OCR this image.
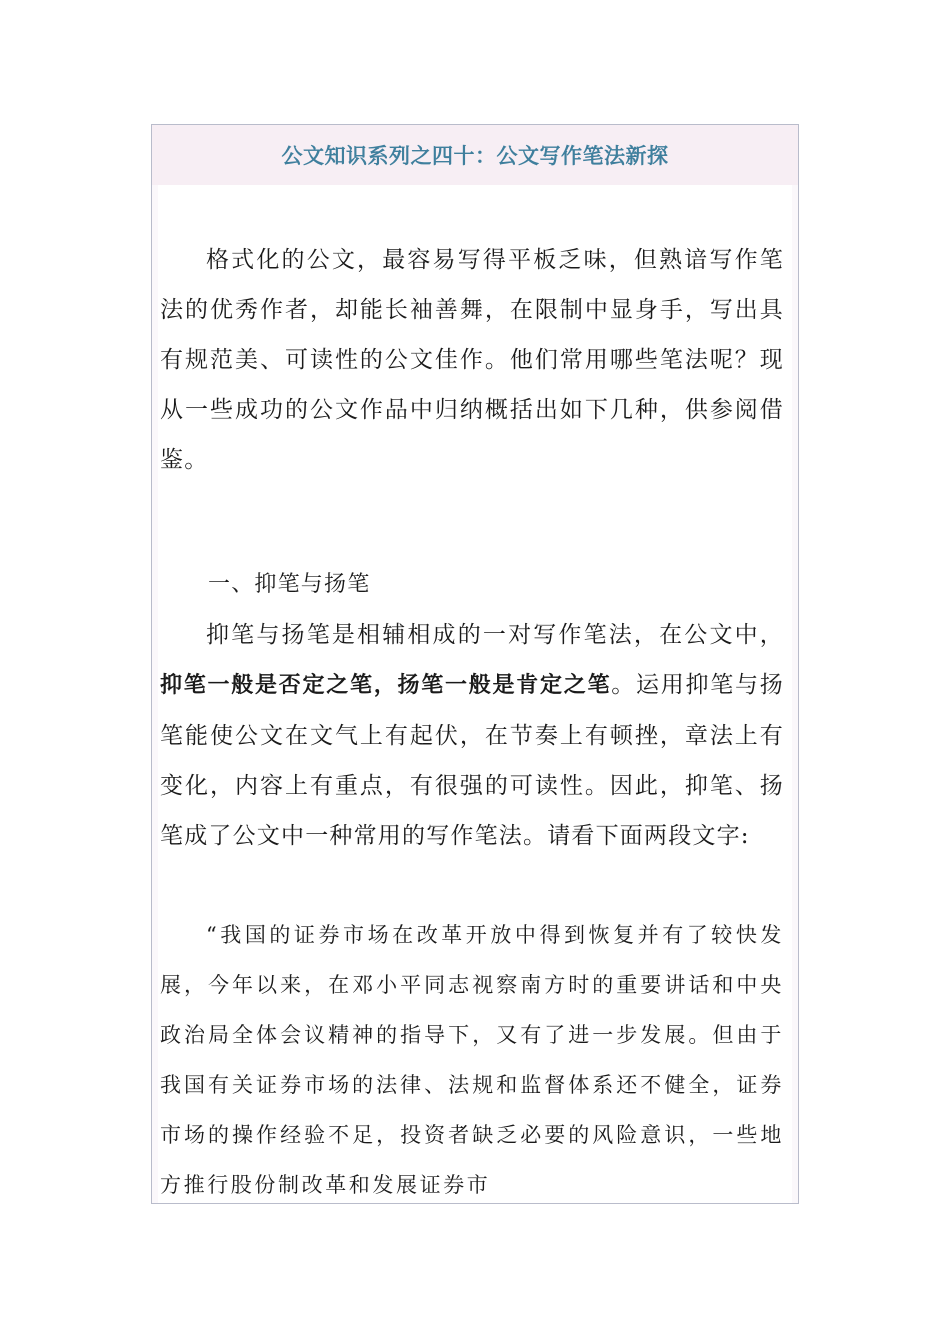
公文知识系列之四十：公文写作笔法新探

格式化的公文，最容易写得平板乏味，但熟谙写作笔法的优秀作者，却能长袖善舞，在限制中显身手，写出具有规范美、可读性的公文佳作。他们常用哪些笔法呢？现从一些成功的公文作品中归纳概括出如下几种，供参阅借鉴。

一、抑笔与扬笔

抑笔与扬笔是相辅相成的一对写作笔法，在公文中，抑笔一般是否定之笔，扬笔一般是肯定之笔。运用抑笔与扬笔能使公文在文气上有起伏，在节奏上有顿挫，章法上有变化，内容上有重点，有很强的可读性。因此，抑笔、扬笔成了公文中一种常用的写作笔法。请看下面两段文字:

“我国的证券市场在改革开放中得到恢复并有了较快发展，今年以来，在邓小平同志视察南方时的重要讲话和中央政治局全体会议精神的指导下，又有了进一步发展。但由于我国有关证券市场的法律、法规和监督体系还不健全，证券市场的操作经验不足，投资者缺乏必要的风险意识，一些地方推行股份制改革和发展证券市
